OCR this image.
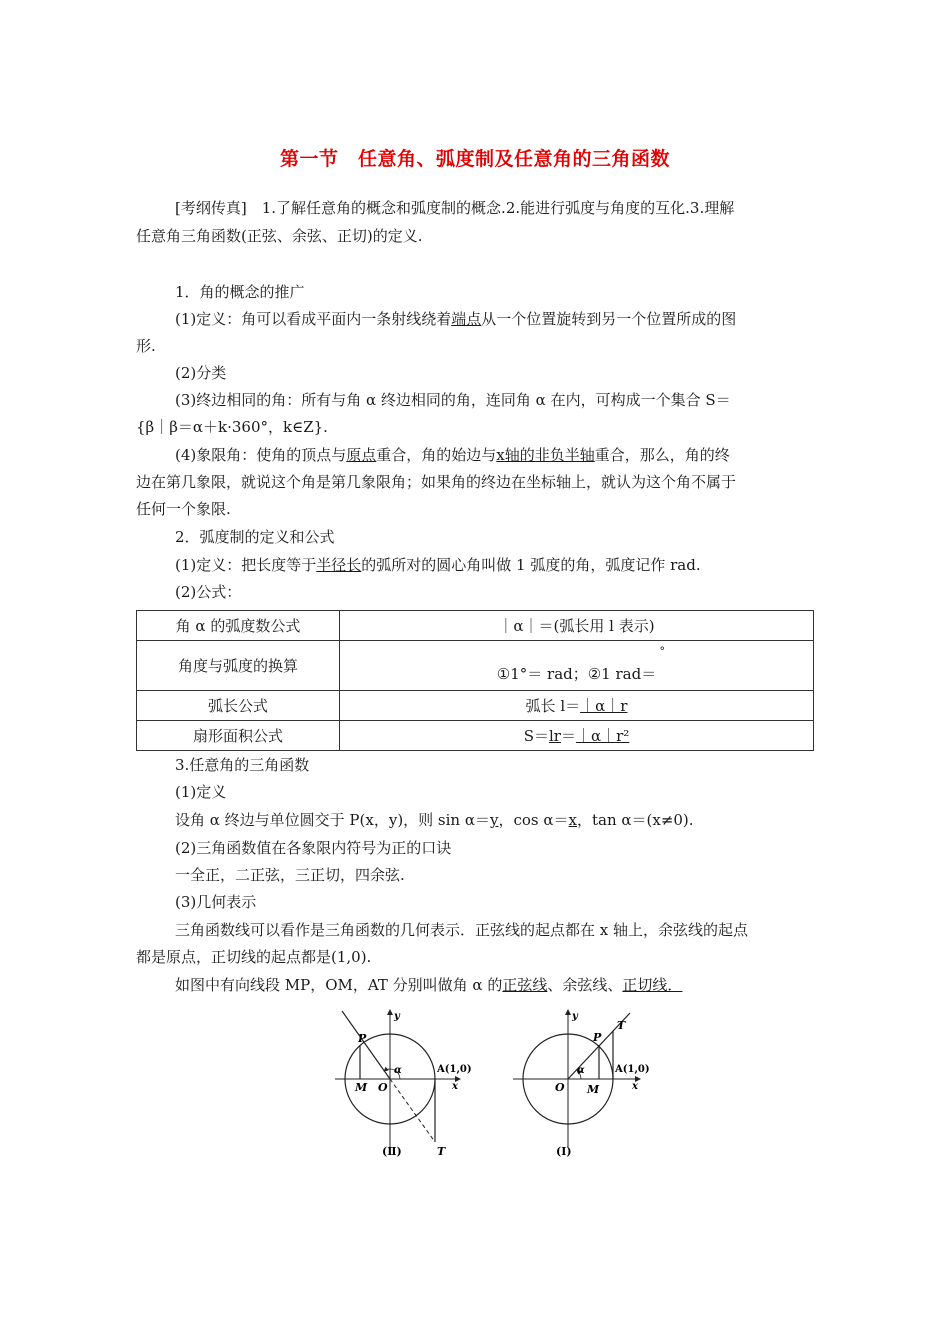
第一节　任意角、弧度制及任意角的三角函数
[考纲传真]　 1.了解任意角的概念和弧度制的概念.2.能进行弧度与角度的互化.3.理解
任意角三角函数(正弦、余弦、正切)的定义.
1．角的概念的推广
(1)定义：角可以看成平面内一条射线绕着端点从一个位置旋转到另一个位置所成的图
形.
(2)分类
(3)终边相同的角：所有与角 α 终边相同的角，连同角 α 在内，可构成一个集合 S＝
{β｜β＝α＋k·360°，k∈Z}.
(4)象限角：使角的顶点与原点重合，角的始边与x轴的非负半轴重合，那么，角的终
边在第几象限，就说这个角是第几象限角；如果角的终边在坐标轴上，就认为这个角不属于
任何一个象限.
2．弧度制的定义和公式
(1)定义：把长度等于半径长的弧所对的圆心角叫做 1 弧度的角，弧度记作 rad.
(2)公式：
角 α 的弧度数公式	｜α｜＝(弧长用 l 表示)
角度与弧度的换算	°
①1°＝ rad；②1 rad＝

弧长公式	弧长 l＝｜α｜r
扇形面积公式	S＝lr＝｜α｜r²
3.任意角的三角函数
(1)定义
设角 α 终边与单位圆交于 P(x，y)，则 sin α＝y，cos α＝x，tan α＝(x≠0).
(2)三角函数值在各象限内符号为正的口诀
一全正，二正弦，三正切，四余弦.
(3)几何表示
三角函数线可以看作是三角函数的几何表示．正弦线的起点都在 x 轴上，余弦线的起点
都是原点，正切线的起点都是(1,0).
如图中有向线段 MP，OM，AT 分别叫做角 α 的正弦线、余弦线、正切线．
P
M O
A(1,0)
T
x
y
α
(Ⅱ)
P
T
M
O
A(1,0)
x
y
α
(Ⅰ)
